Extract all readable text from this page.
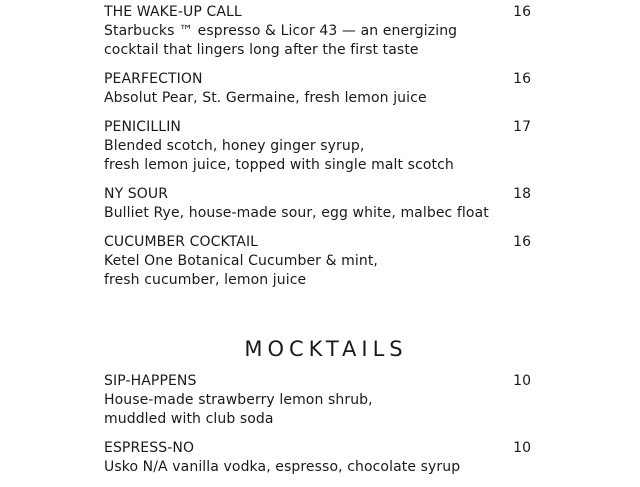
THE WAKE-UP CALL
Starbucks ™ espresso & Licor 43 — an energizing
cocktail that lingers long after the first taste
16
PEARFECTION
Absolut Pear, St. Germaine, fresh lemon juice
16
PENICILLIN
Blended scotch, honey ginger syrup,
fresh lemon juice, topped with single malt scotch
17
NY SOUR
Bulliet Rye, house-made sour, egg white, malbec float
18
CUCUMBER COCKTAIL
Ketel One Botanical Cucumber & mint,
fresh cucumber, lemon juice
16
MOCKTAILS
SIP-HAPPENS
House-made strawberry lemon shrub,
muddled with club soda
10
ESPRESS-NO
Usko N/A vanilla vodka, espresso, chocolate syrup
10
